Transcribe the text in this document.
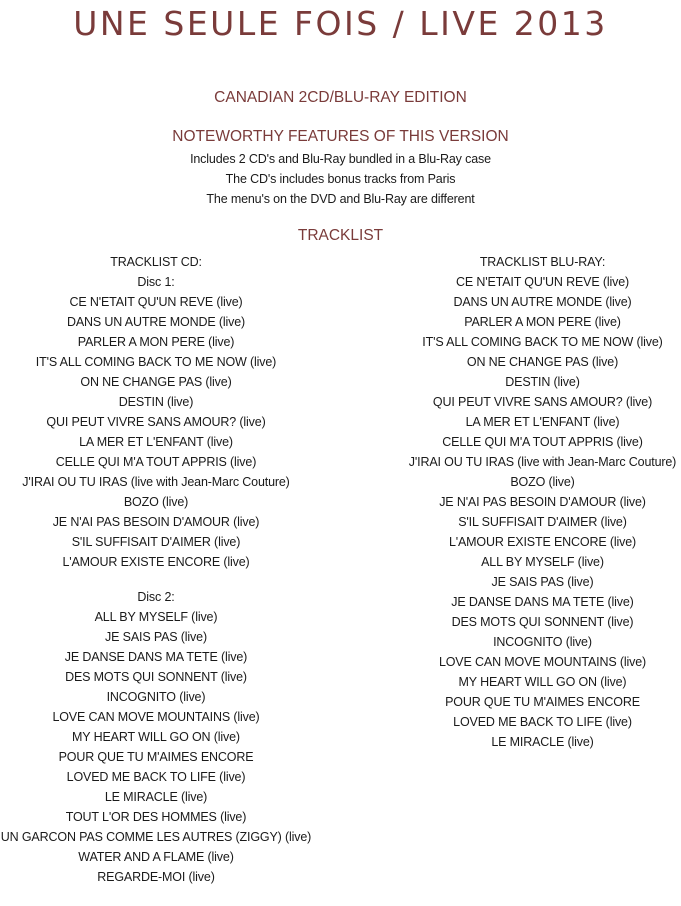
UNE SEULE FOIS / LIVE 2013
CANADIAN 2CD/BLU-RAY EDITION
NOTEWORTHY FEATURES OF THIS VERSION
Includes 2 CD's and Blu-Ray bundled in a Blu-Ray case
The CD's includes bonus tracks from Paris
The menu's on the DVD and Blu-Ray are different
TRACKLIST
TRACKLIST CD:
Disc 1:
CE N'ETAIT QU'UN REVE (live)
DANS UN AUTRE MONDE (live)
PARLER A MON PERE (live)
IT'S ALL COMING BACK TO ME NOW (live)
ON NE CHANGE PAS (live)
DESTIN (live)
QUI PEUT VIVRE SANS AMOUR? (live)
LA MER ET L'ENFANT (live)
CELLE QUI M'A TOUT APPRIS (live)
J'IRAI OU TU IRAS (live with Jean-Marc Couture)
BOZO (live)
JE N'AI PAS BESOIN D'AMOUR (live)
S'IL SUFFISAIT D'AIMER (live)
L'AMOUR EXISTE ENCORE (live)
Disc 2:
ALL BY MYSELF (live)
JE SAIS PAS (live)
JE DANSE DANS MA TETE (live)
DES MOTS QUI SONNENT (live)
INCOGNITO (live)
LOVE CAN MOVE MOUNTAINS (live)
MY HEART WILL GO ON (live)
POUR QUE TU M'AIMES ENCORE
LOVED ME BACK TO LIFE (live)
LE MIRACLE (live)
TOUT L'OR DES HOMMES (live)
UN GARCON PAS COMME LES AUTRES (ZIGGY) (live)
WATER AND A FLAME (live)
REGARDE-MOI (live)
TRACKLIST BLU-RAY:
CE N'ETAIT QU'UN REVE (live)
DANS UN AUTRE MONDE (live)
PARLER A MON PERE (live)
IT'S ALL COMING BACK TO ME NOW (live)
ON NE CHANGE PAS (live)
DESTIN (live)
QUI PEUT VIVRE SANS AMOUR? (live)
LA MER ET L'ENFANT (live)
CELLE QUI M'A TOUT APPRIS (live)
J'IRAI OU TU IRAS (live with Jean-Marc Couture)
BOZO (live)
JE N'AI PAS BESOIN D'AMOUR (live)
S'IL SUFFISAIT D'AIMER (live)
L'AMOUR EXISTE ENCORE (live)
ALL BY MYSELF (live)
JE SAIS PAS (live)
JE DANSE DANS MA TETE (live)
DES MOTS QUI SONNENT (live)
INCOGNITO (live)
LOVE CAN MOVE MOUNTAINS (live)
MY HEART WILL GO ON (live)
POUR QUE TU M'AIMES ENCORE
LOVED ME BACK TO LIFE (live)
LE MIRACLE (live)
